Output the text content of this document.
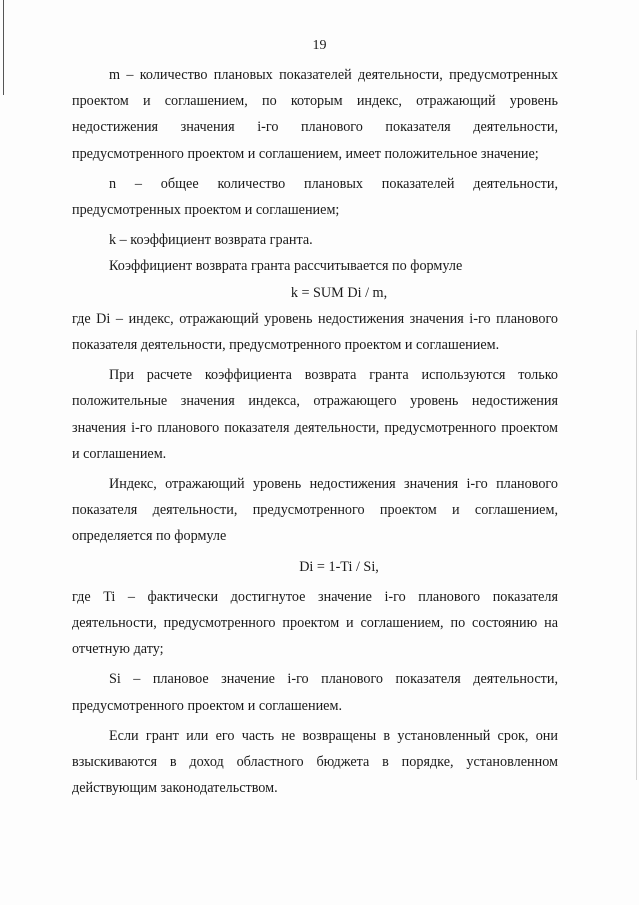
19

m – количество плановых показателей деятельности, предусмотренных проектом и соглашением, по которым индекс, отражающий уровень недостижения значения i-го планового показателя деятельности, предусмотренного проектом и соглашением, имеет положительное значение;

n – общее количество плановых показателей деятельности, предусмотренных проектом и соглашением;

k – коэффициент возврата гранта.

Коэффициент возврата гранта рассчитывается по формуле

k = SUM Di / m,

где Di – индекс, отражающий уровень недостижения значения i-го планового показателя деятельности, предусмотренного проектом и соглашением.

При расчете коэффициента возврата гранта используются только положительные значения индекса, отражающего уровень недостижения значения i-го планового показателя деятельности, предусмотренного проектом и соглашением.

Индекс, отражающий уровень недостижения значения i-го планового показателя деятельности, предусмотренного проектом и соглашением, определяется по формуле

Di = 1-Ti / Si,

где Ti – фактически достигнутое значение i-го планового показателя деятельности, предусмотренного проектом и соглашением, по состоянию на отчетную дату;

Si – плановое значение i-го планового показателя деятельности, предусмотренного проектом и соглашением.

Если грант или его часть не возвращены в установленный срок, они взыскиваются в доход областного бюджета в порядке, установленном действующим законодательством.
